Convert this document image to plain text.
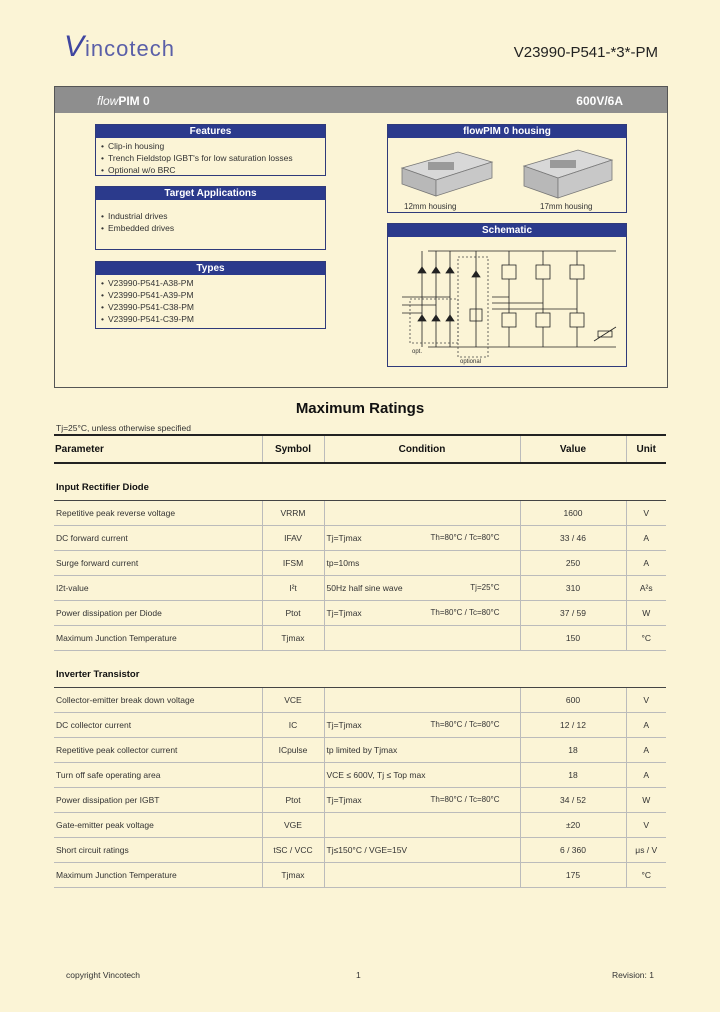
Vincotech	V23990-P541-*3*-PM
flowPIM 0	600V/6A
Features
• Clip-in housing
• Trench Fieldstop IGBT's for low saturation losses
• Optional w/o BRC
Target Applications
• Industrial drives
• Embedded drives
Types
• V23990-P541-A38-PM
• V23990-P541-A39-PM
• V23990-P541-C38-PM
• V23990-P541-C39-PM
flowPIM 0 housing
12mm housing	17mm housing
Schematic
opt.
optional
Maximum Ratings
Tj=25°C, unless otherwise specified
Parameter	Symbol	Condition	Value	Unit

Input Rectifier Diode				
Repetitive peak reverse voltage	VRRM		1600	V
DC forward current	IFAV	Tj=Tjmax Th=80°C / Tc=80°C	33 / 46	A
Surge forward current	IFSM	tp=10ms	250	A
I2t-value	I²t	50Hz half sine wave Tj=25°C	310	A²s
Power dissipation per Diode	Ptot	Tj=Tjmax Th=80°C / Tc=80°C	37 / 59	W
Maximum Junction Temperature	Tjmax		150	°C

Inverter Transistor				
Collector-emitter break down voltage	VCE		600	V
DC collector current	IC	Tj=Tjmax Th=80°C / Tc=80°C	12 / 12	A
Repetitive peak collector current	ICpulse	tp limited by Tjmax	18	A
Turn off safe operating area		VCE ≤ 600V, Tj ≤ Top max	18	A
Power dissipation per IGBT	Ptot	Tj=Tjmax Th=80°C / Tc=80°C	34 / 52	W
Gate-emitter peak voltage	VGE		±20	V
Short circuit ratings	tSC / VCC	Tj≤150°C / VGE=15V	6 / 360	μs / V
Maximum Junction Temperature	Tjmax		175	°C
copyright Vincotech	1	Revision: 1
